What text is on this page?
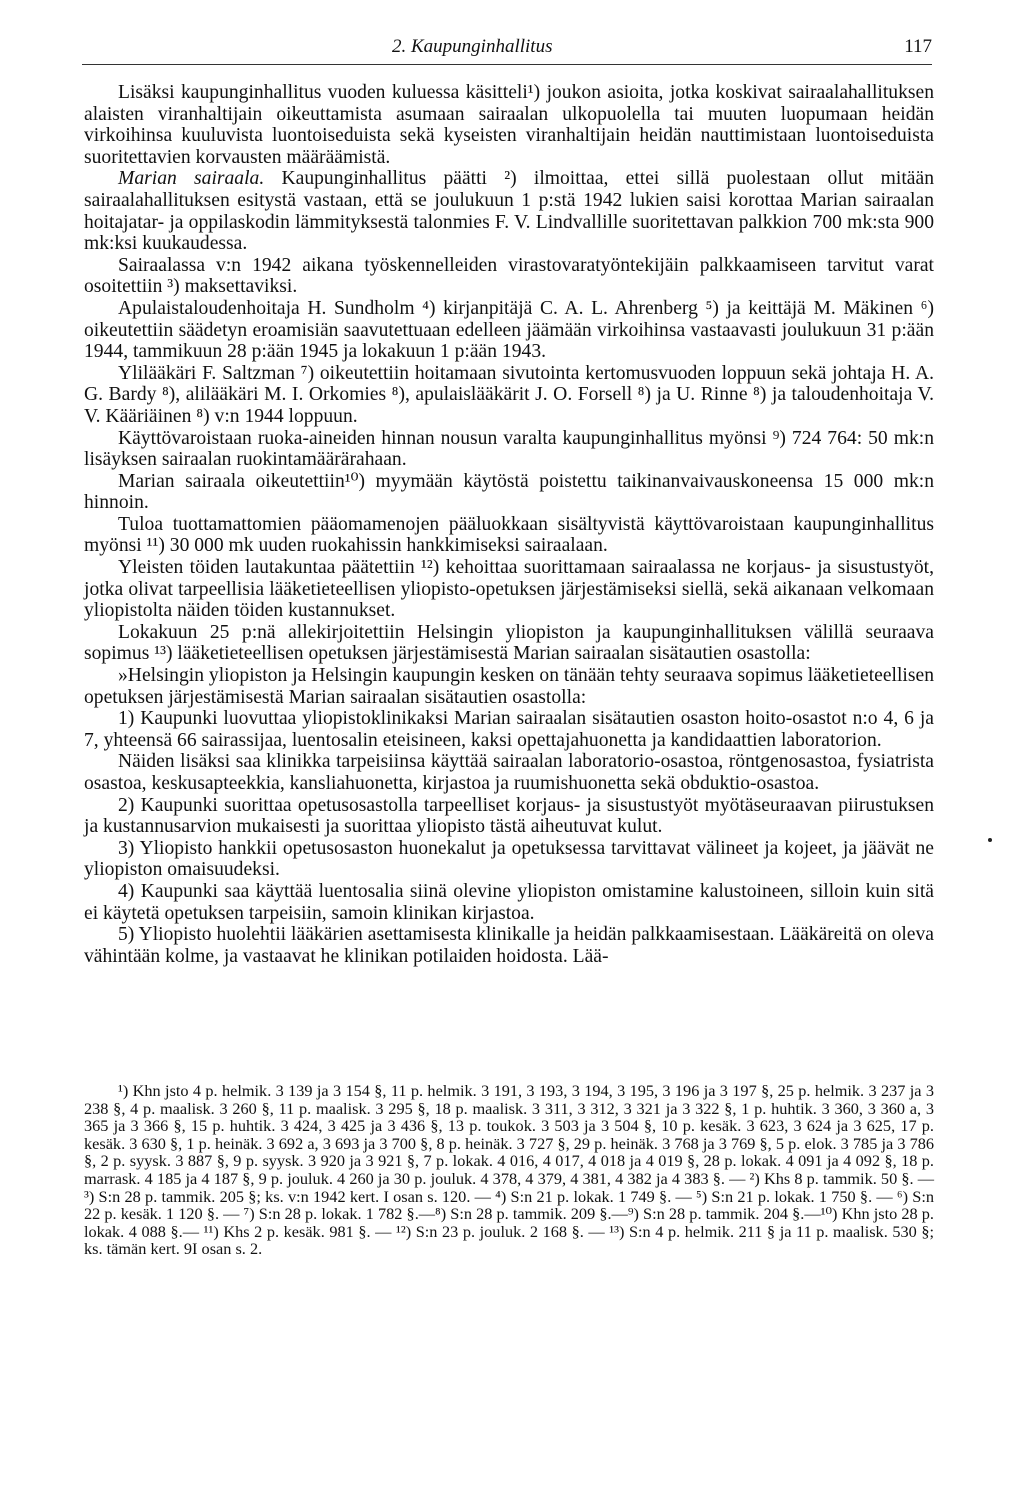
2. Kaupunginhallitus	117

Lisäksi kaupunginhallitus vuoden kuluessa käsitteli¹) joukon asioita, jotka koskivat sairaalahallituksen alaisten viranhaltijain oikeuttamista asumaan sairaalan ulkopuolella tai muuten luopumaan heidän virkoihinsa kuuluvista luontoiseduista sekä kyseisten viranhaltijain heidän nauttimistaan luontoiseduista suoritettavien korvausten määräämistä.

Marian sairaala. Kaupunginhallitus päätti ²) ilmoittaa, ettei sillä puolestaan ollut mitään sairaalahallituksen esitystä vastaan, että se joulukuun 1 p:stä 1942 lukien saisi korottaa Marian sairaalan hoitajatar- ja oppilaskodin lämmityksestä talonmies F. V. Lindvallille suoritettavan palkkion 700 mk:sta 900 mk:ksi kuukaudessa.

Sairaalassa v:n 1942 aikana työskennelleiden virastovaratyöntekijäin palkkaamiseen tarvitut varat osoitettiin ³) maksettaviksi.

Apulaistaloudenhoitaja H. Sundholm ⁴) kirjanpitäjä C. A. L. Ahrenberg ⁵) ja keittäjä M. Mäkinen ⁶) oikeutettiin säädetyn eroamisiän saavutettuaan edelleen jäämään virkoihinsa vastaavasti joulukuun 31 p:ään 1944, tammikuun 28 p:ään 1945 ja lokakuun 1 p:ään 1943.

Ylilääkäri F. Saltzman ⁷) oikeutettiin hoitamaan sivutointa kertomusvuoden loppuun sekä johtaja H. A. G. Bardy ⁸), alilääkäri M. I. Orkomies ⁸), apulaislääkärit J. O. Forsell ⁸) ja U. Rinne ⁸) ja taloudenhoitaja V. V. Kääriäinen ⁸) v:n 1944 loppuun.

Käyttövaroistaan ruoka-aineiden hinnan nousun varalta kaupunginhallitus myönsi ⁹) 724 764: 50 mk:n lisäyksen sairaalan ruokintamäärärahaan.

Marian sairaala oikeutettiin¹⁰) myymään käytöstä poistettu taikinanvaivauskoneensa 15 000 mk:n hinnoin.

Tuloa tuottamattomien pääomamenojen pääluokkaan sisältyvistä käyttövaroistaan kaupunginhallitus myönsi ¹¹) 30 000 mk uuden ruokahissin hankkimiseksi sairaalaan.

Yleisten töiden lautakuntaa päätettiin ¹²) kehoittaa suorittamaan sairaalassa ne korjaus- ja sisustustyöt, jotka olivat tarpeellisia lääketieteellisen yliopisto-opetuksen järjestämiseksi siellä, sekä aikanaan velkomaan yliopistolta näiden töiden kustannukset.

Lokakuun 25 p:nä allekirjoitettiin Helsingin yliopiston ja kaupunginhallituksen välillä seuraava sopimus ¹³) lääketieteellisen opetuksen järjestämisestä Marian sairaalan sisätautien osastolla:

»Helsingin yliopiston ja Helsingin kaupungin kesken on tänään tehty seuraava sopimus lääketieteellisen opetuksen järjestämisestä Marian sairaalan sisätautien osastolla:

1) Kaupunki luovuttaa yliopistoklinikaksi Marian sairaalan sisätautien osaston hoito-osastot n:o 4, 6 ja 7, yhteensä 66 sairassijaa, luentosalin eteisineen, kaksi opettajahuonetta ja kandidaattien laboratorion.

Näiden lisäksi saa klinikka tarpeisiinsa käyttää sairaalan laboratorio-osastoa, röntgenosastoa, fysiatrista osastoa, keskusapteekkia, kansliahuonetta, kirjastoa ja ruumishuonetta sekä obduktio-osastoa.

2) Kaupunki suorittaa opetusosastolla tarpeelliset korjaus- ja sisustustyöt myötäseuraavan piirustuksen ja kustannusarvion mukaisesti ja suorittaa yliopisto tästä aiheutuvat kulut.

3) Yliopisto hankkii opetusosaston huonekalut ja opetuksessa tarvittavat välineet ja kojeet, ja jäävät ne yliopiston omaisuudeksi.

4) Kaupunki saa käyttää luentosalia siinä olevine yliopiston omistamine kalustoineen, silloin kuin sitä ei käytetä opetuksen tarpeisiin, samoin klinikan kirjastoa.

5) Yliopisto huolehtii lääkärien asettamisesta klinikalle ja heidän palkkaamisestaan. Lääkäreitä on oleva vähintään kolme, ja vastaavat he klinikan potilaiden hoidosta. Lää-

¹) Khn jsto 4 p. helmik. 3 139 ja 3 154 §, 11 p. helmik. 3 191, 3 193, 3 194, 3 195, 3 196 ja 3 197 §, 25 p. helmik. 3 237 ja 3 238 §, 4 p. maalisk. 3 260 §, 11 p. maalisk. 3 295 §, 18 p. maalisk. 3 311, 3 312, 3 321 ja 3 322 §, 1 p. huhtik. 3 360, 3 360 a, 3 365 ja 3 366 §, 15 p. huhtik. 3 424, 3 425 ja 3 436 §, 13 p. toukok. 3 503 ja 3 504 §, 10 p. kesäk. 3 623, 3 624 ja 3 625, 17 p. kesäk. 3 630 §, 1 p. heinäk. 3 692 a, 3 693 ja 3 700 §, 8 p. heinäk. 3 727 §, 29 p. heinäk. 3 768 ja 3 769 §, 5 p. elok. 3 785 ja 3 786 §, 2 p. syysk. 3 887 §, 9 p. syysk. 3 920 ja 3 921 §, 7 p. lokak. 4 016, 4 017, 4 018 ja 4 019 §, 28 p. lokak. 4 091 ja 4 092 §, 18 p. marrask. 4 185 ja 4 187 §, 9 p. jouluk. 4 260 ja 30 p. jouluk. 4 378, 4 379, 4 381, 4 382 ja 4 383 §. — ²) Khs 8 p. tammik. 50 §. — ³) S:n 28 p. tammik. 205 §; ks. v:n 1942 kert. I osan s. 120. — ⁴) S:n 21 p. lokak. 1 749 §. — ⁵) S:n 21 p. lokak. 1 750 §. — ⁶) S:n 22 p. kesäk. 1 120 §. — ⁷) S:n 28 p. lokak. 1 782 §.—⁸) S:n 28 p. tammik. 209 §.—⁹) S:n 28 p. tammik. 204 §.—¹⁰) Khn jsto 28 p. lokak. 4 088 §.— ¹¹) Khs 2 p. kesäk. 981 §. — ¹²) S:n 23 p. jouluk. 2 168 §. — ¹³) S:n 4 p. helmik. 211 § ja 11 p. maalisk. 530 §; ks. tämän kert. 9I osan s. 2.
